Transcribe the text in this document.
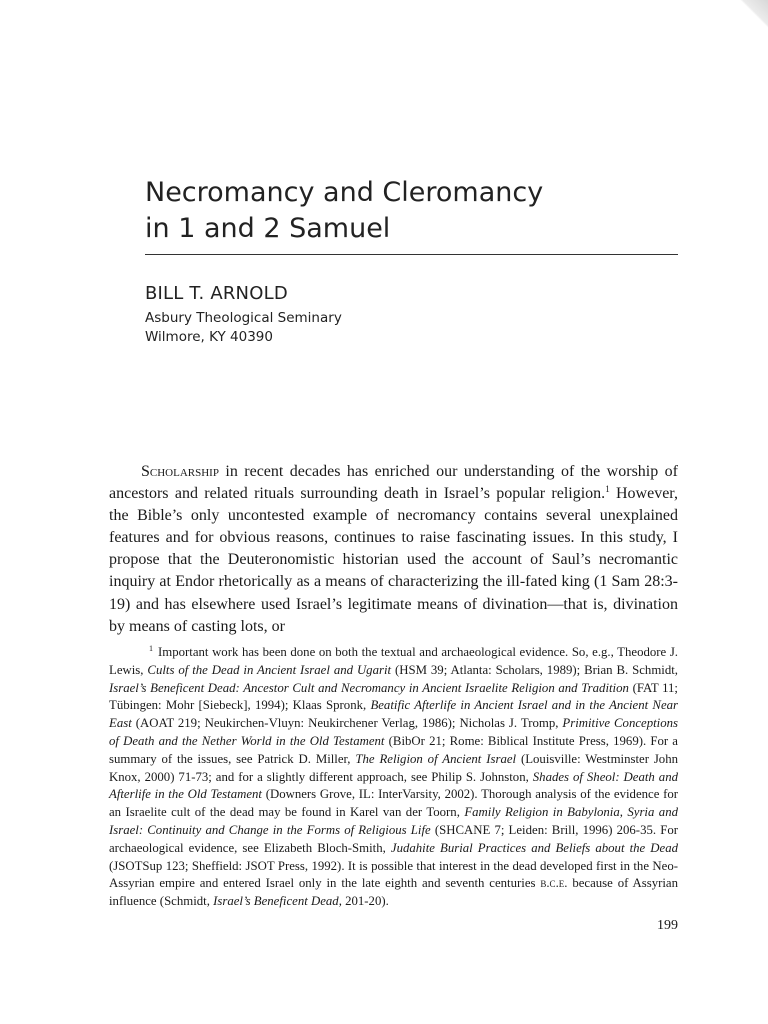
Necromancy and Cleromancy
in 1 and 2 Samuel
BILL T. ARNOLD
Asbury Theological Seminary
Wilmore, KY 40390

Scholarship in recent decades has enriched our understanding of the worship of ancestors and related rituals surrounding death in Israel’s popular religion.$^1$ However, the Bible’s only uncontested example of necromancy contains several unexplained features and for obvious reasons, continues to raise fascinating issues. In this study, I propose that the Deuteronomistic historian used the account of Saul’s necromantic inquiry at Endor rhetorically as a means of characterizing the ill-fated king (1 Sam 28:3-19) and has elsewhere used Israel’s legitimate means of divination—that is, divination by means of casting lots, or

$^1$ Important work has been done on both the textual and archaeological evidence. So, e.g., Theodore J. Lewis, Cults of the Dead in Ancient Israel and Ugarit (HSM 39; Atlanta: Scholars, 1989); Brian B. Schmidt, Israel’s Beneficent Dead: Ancestor Cult and Necromancy in Ancient Israelite Religion and Tradition (FAT 11; Tübingen: Mohr [Siebeck], 1994); Klaas Spronk, Beatific Afterlife in Ancient Israel and in the Ancient Near East (AOAT 219; Neukirchen-Vluyn: Neukirchener Verlag, 1986); Nicholas J. Tromp, Primitive Conceptions of Death and the Nether World in the Old Testament (BibOr 21; Rome: Biblical Institute Press, 1969). For a summary of the issues, see Patrick D. Miller, The Religion of Ancient Israel (Louisville: Westminster John Knox, 2000) 71-73; and for a slightly different approach, see Philip S. Johnston, Shades of Sheol: Death and Afterlife in the Old Testament (Downers Grove, IL: InterVarsity, 2002). Thorough analysis of the evidence for an Israelite cult of the dead may be found in Karel van der Toorn, Family Religion in Babylonia, Syria and Israel: Continuity and Change in the Forms of Religious Life (SHCANE 7; Leiden: Brill, 1996) 206-35. For archaeological evidence, see Elizabeth Bloch-Smith, Judahite Burial Practices and Beliefs about the Dead (JSOTSup 123; Sheffield: JSOT Press, 1992). It is possible that interest in the dead developed first in the Neo-Assyrian empire and entered Israel only in the late eighth and seventh centuries b.c.e. because of Assyrian influence (Schmidt, Israel’s Beneficent Dead, 201-20).

199
